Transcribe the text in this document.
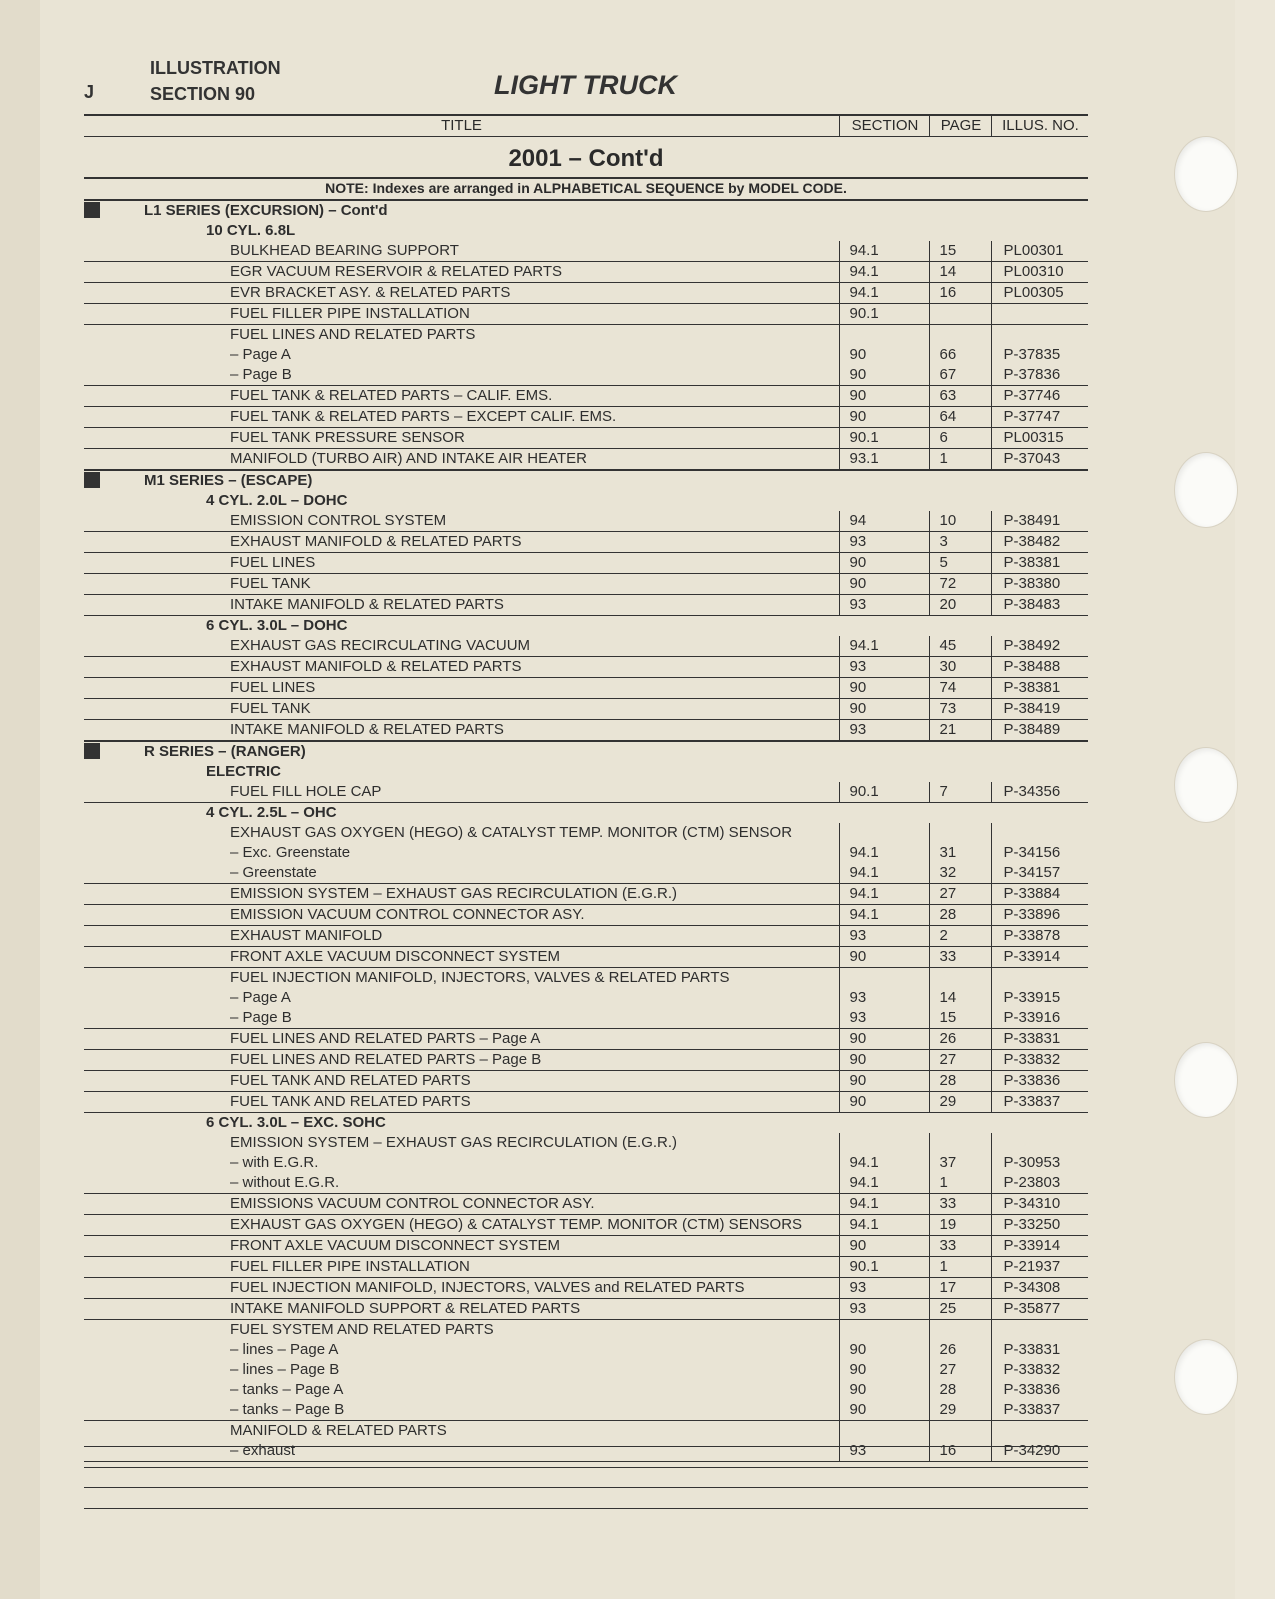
ILLUSTRATION
SECTION 90
J	LIGHT TRUCK
TITLE	SECTION	PAGE	ILLUS. NO.
2001 – Cont'd
NOTE: Indexes are arranged in ALPHABETICAL SEQUENCE by MODEL CODE.
L1 SERIES (EXCURSION) – Cont'd			
10 CYL. 6.8L			
BULKHEAD BEARING SUPPORT	94.1	15	PL00301
EGR VACUUM RESERVOIR & RELATED PARTS	94.1	14	PL00310
EVR BRACKET ASY. & RELATED PARTS	94.1	16	PL00305
FUEL FILLER PIPE INSTALLATION	90.1		
FUEL LINES AND RELATED PARTS			
– Page A	90	66	P-37835
– Page B	90	67	P-37836
FUEL TANK & RELATED PARTS – CALIF. EMS.	90	63	P-37746
FUEL TANK & RELATED PARTS – EXCEPT CALIF. EMS.	90	64	P-37747
FUEL TANK PRESSURE SENSOR	90.1	6	PL00315
MANIFOLD (TURBO AIR) AND INTAKE AIR HEATER	93.1	1	P-37043
M1 SERIES – (ESCAPE)			
4 CYL. 2.0L – DOHC			
EMISSION CONTROL SYSTEM	94	10	P-38491
EXHAUST MANIFOLD & RELATED PARTS	93	3	P-38482
FUEL LINES	90	5	P-38381
FUEL TANK	90	72	P-38380
INTAKE MANIFOLD & RELATED PARTS	93	20	P-38483
6 CYL. 3.0L – DOHC			
EXHAUST GAS RECIRCULATING VACUUM	94.1	45	P-38492
EXHAUST MANIFOLD & RELATED PARTS	93	30	P-38488
FUEL LINES	90	74	P-38381
FUEL TANK	90	73	P-38419
INTAKE MANIFOLD & RELATED PARTS	93	21	P-38489
R SERIES – (RANGER)			
ELECTRIC			
FUEL FILL HOLE CAP	90.1	7	P-34356
4 CYL. 2.5L – OHC			
EXHAUST GAS OXYGEN (HEGO) & CATALYST TEMP. MONITOR (CTM) SENSOR			
– Exc. Greenstate	94.1	31	P-34156
– Greenstate	94.1	32	P-34157
EMISSION SYSTEM – EXHAUST GAS RECIRCULATION (E.G.R.)	94.1	27	P-33884
EMISSION VACUUM CONTROL CONNECTOR ASY.	94.1	28	P-33896
EXHAUST MANIFOLD	93	2	P-33878
FRONT AXLE VACUUM DISCONNECT SYSTEM	90	33	P-33914
FUEL INJECTION MANIFOLD, INJECTORS, VALVES & RELATED PARTS			
– Page A	93	14	P-33915
– Page B	93	15	P-33916
FUEL LINES AND RELATED PARTS – Page A	90	26	P-33831
FUEL LINES AND RELATED PARTS – Page B	90	27	P-33832
FUEL TANK AND RELATED PARTS	90	28	P-33836
FUEL TANK AND RELATED PARTS	90	29	P-33837
6 CYL. 3.0L – EXC. SOHC			
EMISSION SYSTEM – EXHAUST GAS RECIRCULATION (E.G.R.)			
– with E.G.R.	94.1	37	P-30953
– without E.G.R.	94.1	1	P-23803
EMISSIONS VACUUM CONTROL CONNECTOR ASY.	94.1	33	P-34310
EXHAUST GAS OXYGEN (HEGO) & CATALYST TEMP. MONITOR (CTM) SENSORS	94.1	19	P-33250
FRONT AXLE VACUUM DISCONNECT SYSTEM	90	33	P-33914
FUEL FILLER PIPE INSTALLATION	90.1	1	P-21937
FUEL INJECTION MANIFOLD, INJECTORS, VALVES and RELATED PARTS	93	17	P-34308
INTAKE MANIFOLD SUPPORT & RELATED PARTS	93	25	P-35877
FUEL SYSTEM AND RELATED PARTS			
– lines – Page A	90	26	P-33831
– lines – Page B	90	27	P-33832
– tanks – Page A	90	28	P-33836
– tanks – Page B	90	29	P-33837
MANIFOLD & RELATED PARTS			
– exhaust	93	16	P-34290
